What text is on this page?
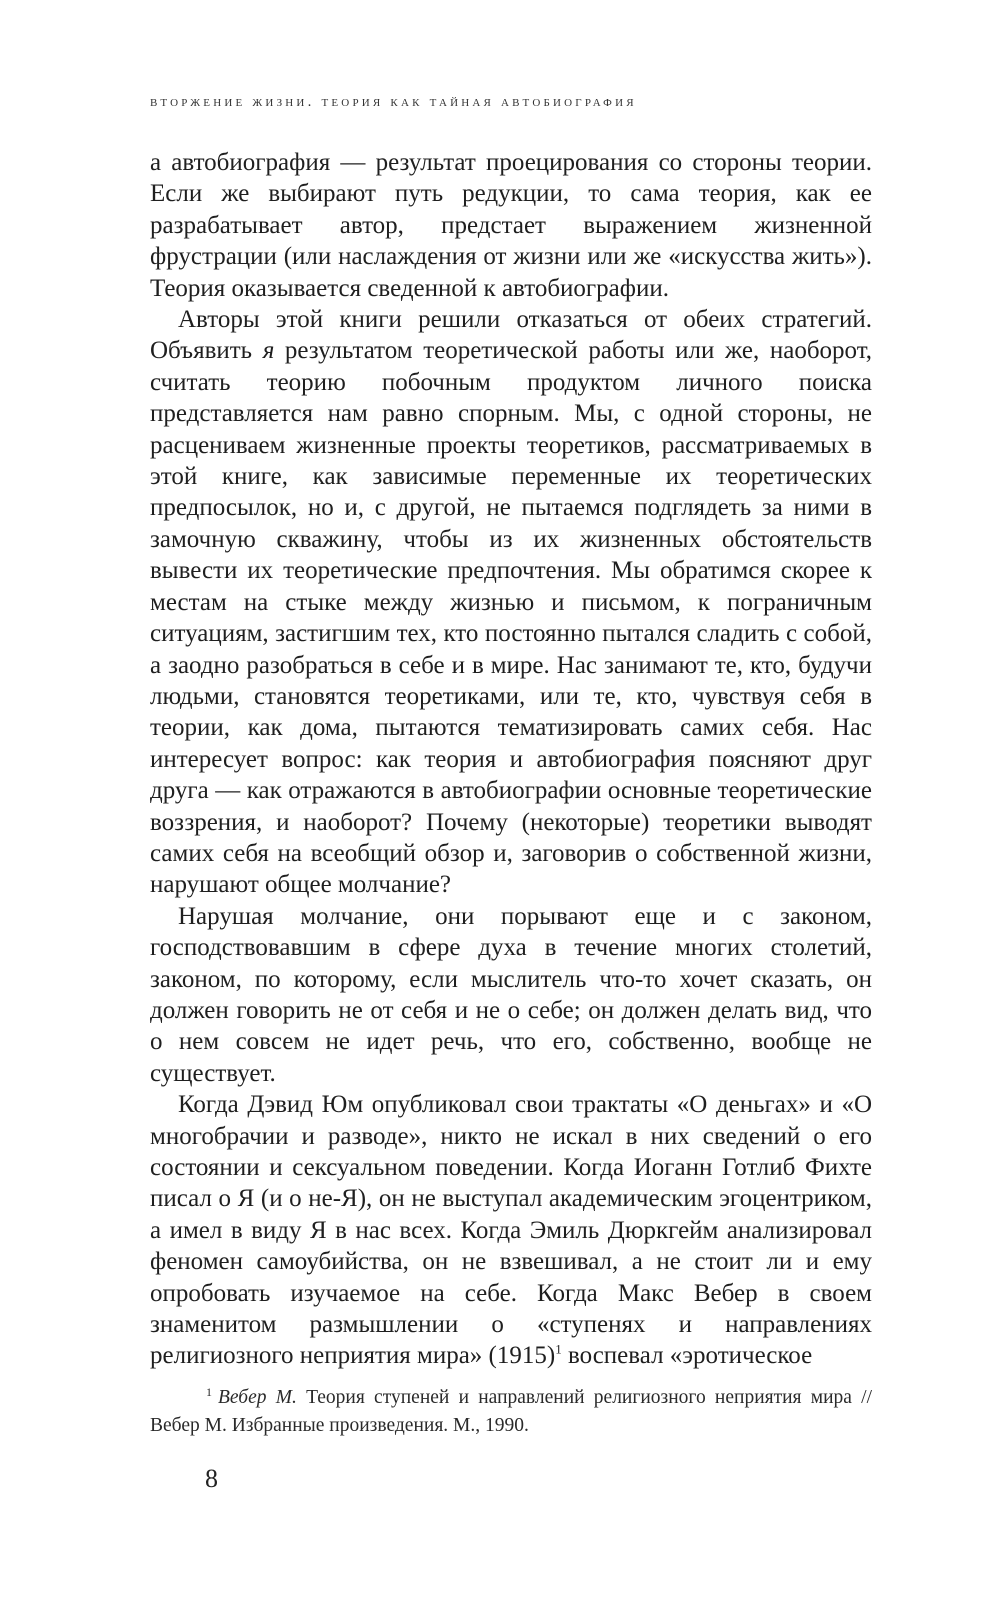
вторжение жизни. теория как тайная автобиография

а автобиография — результат проецирования со стороны теории. Если же выбирают путь редукции, то сама теория, как ее разрабатывает автор, предстает выражением жизненной фрустрации (или наслаждения от жизни или же «искусства жить»). Теория оказывается сведенной к автобиографии.

Авторы этой книги решили отказаться от обеих стратегий. Объявить я результатом теоретической работы или же, наоборот, считать теорию побочным продуктом личного поиска представляется нам равно спорным. Мы, с одной стороны, не расцениваем жизненные проекты теоретиков, рассматриваемых в этой книге, как зависимые переменные их теоретических предпосылок, но и, с другой, не пытаемся подглядеть за ними в замочную скважину, чтобы из их жизненных обстоятельств вывести их теоретические предпочтения. Мы обратимся скорее к местам на стыке между жизнью и письмом, к пограничным ситуациям, застигшим тех, кто постоянно пытался сладить с собой, а заодно разобраться в себе и в мире. Нас занимают те, кто, будучи людьми, становятся теоретиками, или те, кто, чувствуя себя в теории, как дома, пытаются тематизировать самих себя. Нас интересует вопрос: как теория и автобиография поясняют друг друга — как отражаются в автобиографии основные теоретические воззрения, и наоборот? Почему (некоторые) теоретики выводят самих себя на всеобщий обзор и, заговорив о собственной жизни, нарушают общее молчание?

Нарушая молчание, они порывают еще и с законом, господствовавшим в сфере духа в течение многих столетий, законом, по которому, если мыслитель что-то хочет сказать, он должен говорить не от себя и не о себе; он должен делать вид, что о нем совсем не идет речь, что его, собственно, вообще не существует.

Когда Дэвид Юм опубликовал свои трактаты «О деньгах» и «О многобрачии и разводе», никто не искал в них сведений о его состоянии и сексуальном поведении. Когда Иоганн Готлиб Фихте писал о Я (и о не-Я), он не выступал академическим эгоцентриком, а имел в виду Я в нас всех. Когда Эмиль Дюркгейм анализировал феномен самоубийства, он не взвешивал, а не стоит ли и ему опробовать изучаемое на себе. Когда Макс Вебер в своем знаменитом размышлении о «ступенях и направлениях религиозного неприятия мира» (1915)$^1$ воспевал «эротическое

$^1$ Вебер М. Теория ступеней и направлений религиозного неприятия мира // Вебер М. Избранные произведения. М., 1990.
8
